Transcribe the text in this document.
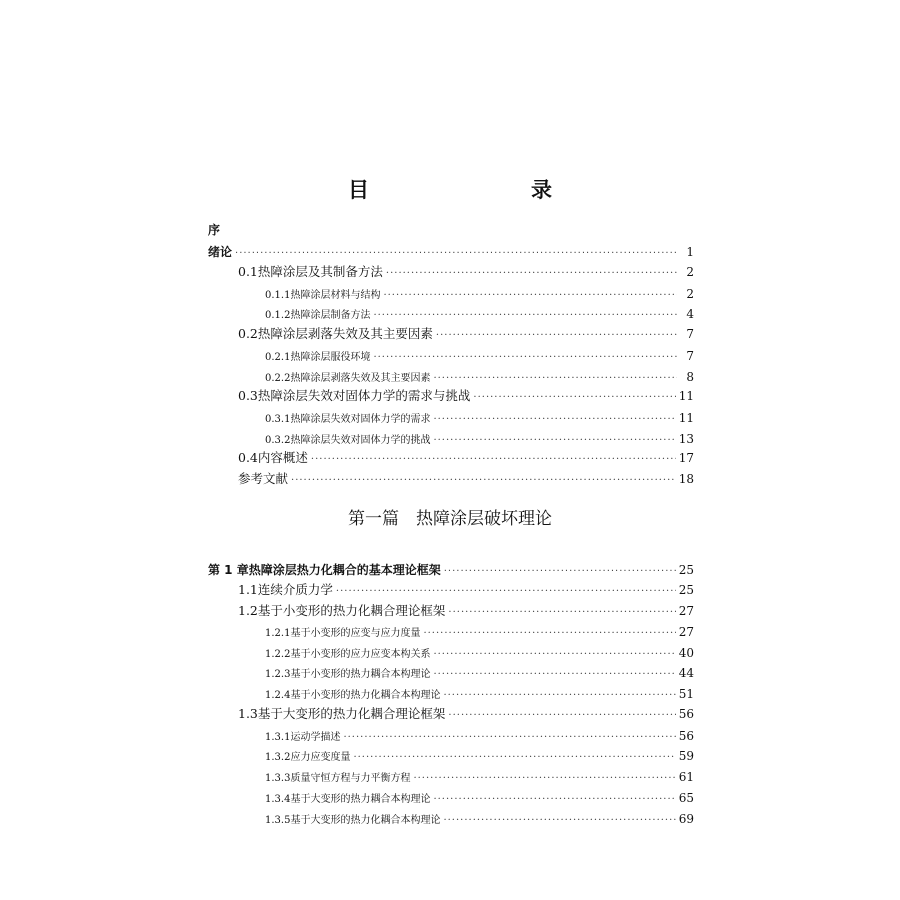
目　　录
序
绪论 ·····	1
0.1 热障涂层及其制备方法 ·····	2
0.1.1 热障涂层材料与结构 ·····	2
0.1.2 热障涂层制备方法 ·····	4
0.2 热障涂层剥落失效及其主要因素 ·····	7
0.2.1 热障涂层服役环境 ·····	7
0.2.2 热障涂层剥落失效及其主要因素 ·····	8
0.3 热障涂层失效对固体力学的需求与挑战 ·····	11
0.3.1 热障涂层失效对固体力学的需求 ·····	11
0.3.2 热障涂层失效对固体力学的挑战 ·····	13
0.4 内容概述 ·····	17
参考文献 ·····	18
第 1 章 热障涂层热力化耦合的基本理论框架 ·····	25
1.1 连续介质力学 ·····	25
1.2 基于小变形的热力化耦合理论框架 ·····	27
1.2.1 基于小变形的应变与应力度量 ·····	27
1.2.2 基于小变形的应力应变本构关系 ·····	40
1.2.3 基于小变形的热力耦合本构理论 ·····	44
1.2.4 基于小变形的热力化耦合本构理论 ·····	51
1.3 基于大变形的热力化耦合理论框架 ·····	56
1.3.1 运动学描述 ·····	56
1.3.2 应力应变度量 ·····	59
1.3.3 质量守恒方程与力平衡方程 ·····	61
1.3.4 基于大变形的热力耦合本构理论 ·····	65
1.3.5 基于大变形的热力化耦合本构理论 ·····	69
第一篇　热障涂层破坏理论
